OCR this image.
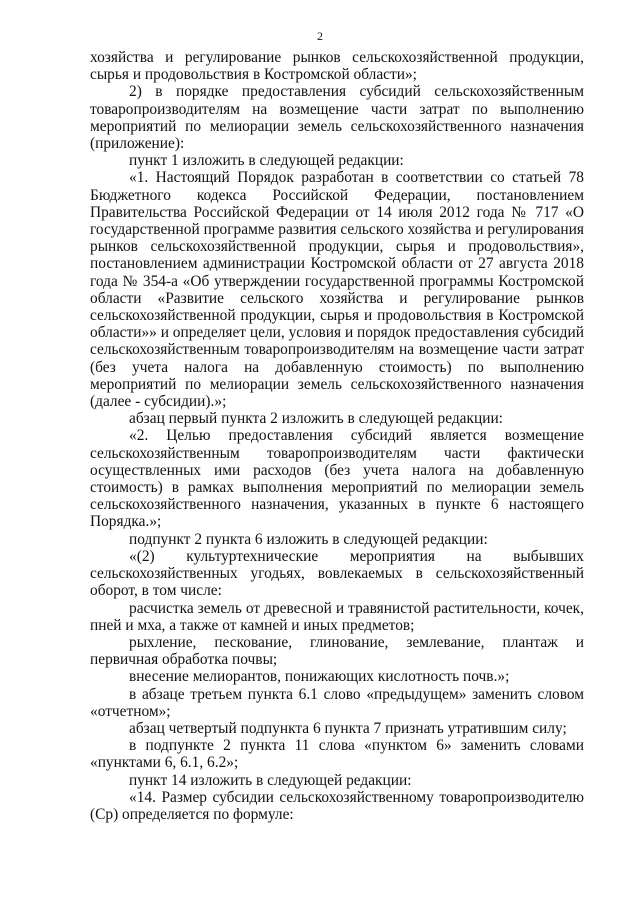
2

хозяйства и регулирование рынков сельскохозяйственной продукции, сырья и продовольствия в Костромской области»;

2) в порядке предоставления субсидий сельскохозяйственным товаропроизводителям на возмещение части затрат по выполнению мероприятий по мелиорации земель сельскохозяйственного назначения (приложение):

пункт 1 изложить в следующей редакции:

«1. Настоящий Порядок разработан в соответствии со статьей 78 Бюджетного кодекса Российской Федерации, постановлением Правительства Российской Федерации от 14 июля 2012 года № 717 «О государственной программе развития сельского хозяйства и регулирования рынков сельскохозяйственной продукции, сырья и продовольствия», постановлением администрации Костромской области от 27 августа 2018 года № 354-а «Об утверждении государственной программы Костромской области «Развитие сельского хозяйства и регулирование рынков сельскохозяйственной продукции, сырья и продовольствия в Костромской области»» и определяет цели, условия и порядок предоставления субсидий сельскохозяйственным товаропроизводителям на возмещение части затрат (без учета налога на добавленную стоимость) по выполнению мероприятий по мелиорации земель сельскохозяйственного назначения (далее - субсидии).»;

абзац первый пункта 2 изложить в следующей редакции:

«2. Целью предоставления субсидий является возмещение сельскохозяйственным товаропроизводителям части фактически осуществленных ими расходов (без учета налога на добавленную стоимость) в рамках выполнения мероприятий по мелиорации земель сельскохозяйственного назначения, указанных в пункте 6 настоящего Порядка.»;

подпункт 2 пункта 6 изложить в следующей редакции:

«(2) культуртехнические мероприятия на выбывших сельскохозяйственных угодьях, вовлекаемых в сельскохозяйственный оборот, в том числе:

расчистка земель от древесной и травянистой растительности, кочек, пней и мха, а также от камней и иных предметов;

рыхление, пескование, глинование, землевание, плантаж и первичная обработка почвы;

внесение мелиорантов, понижающих кислотность почв.»;

в абзаце третьем пункта 6.1 слово «предыдущем» заменить словом «отчетном»;

абзац четвертый подпункта 6 пункта 7 признать утратившим силу;

в подпункте 2 пункта 11 слова «пунктом 6» заменить словами «пунктами 6, 6.1, 6.2»;

пункт 14 изложить в следующей редакции:

«14. Размер субсидии сельскохозяйственному товаропроизводителю (Ср) определяется по формуле:
